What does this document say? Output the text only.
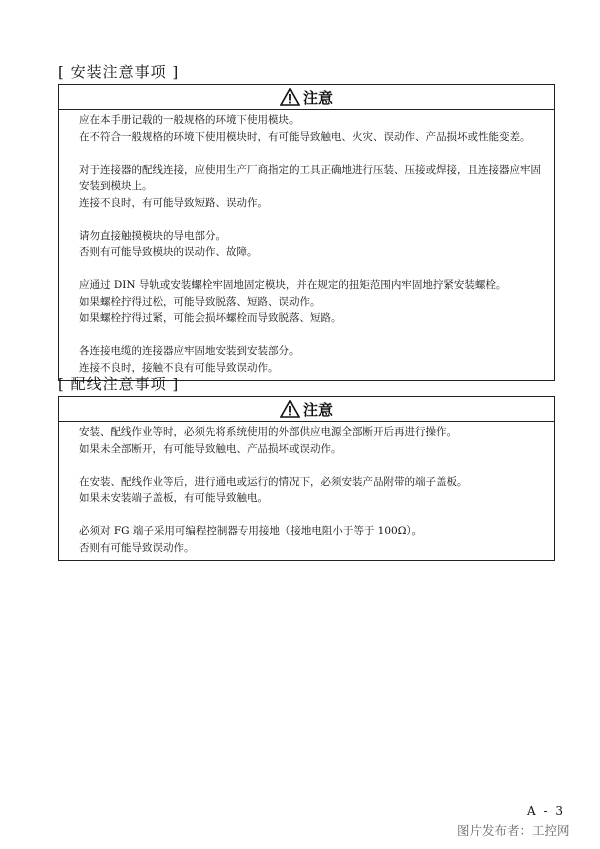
[ 安装注意事项 ]
注意
应在本手册记载的一般规格的环境下使用模块。
在不符合一般规格的环境下使用模块时，有可能导致触电、火灾、误动作、产品损坏或性能变差。
对于连接器的配线连接，应使用生产厂商指定的工具正确地进行压装、压接或焊接，且连接器应牢固
安装到模块上。
连接不良时，有可能导致短路、误动作。
请勿直接触摸模块的导电部分。
否则有可能导致模块的误动作、故障。
应通过 DIN 导轨或安装螺栓牢固地固定模块，并在规定的扭矩范围内牢固地拧紧安装螺栓。
如果螺栓拧得过松，可能导致脱落、短路、误动作。
如果螺栓拧得过紧，可能会损坏螺栓而导致脱落、短路。
各连接电缆的连接器应牢固地安装到安装部分。
连接不良时，接触不良有可能导致误动作。
[ 配线注意事项 ]
注意
安装、配线作业等时，必须先将系统使用的外部供应电源全部断开后再进行操作。
如果未全部断开，有可能导致触电、产品损坏或误动作。
在安装、配线作业等后，进行通电或运行的情况下，必须安装产品附带的端子盖板。
如果未安装端子盖板，有可能导致触电。
必须对 FG 端子采用可编程控制器专用接地（接地电阻小于等于 100Ω）。
否则有可能导致误动作。
A - 3
图片发布者：工控网
